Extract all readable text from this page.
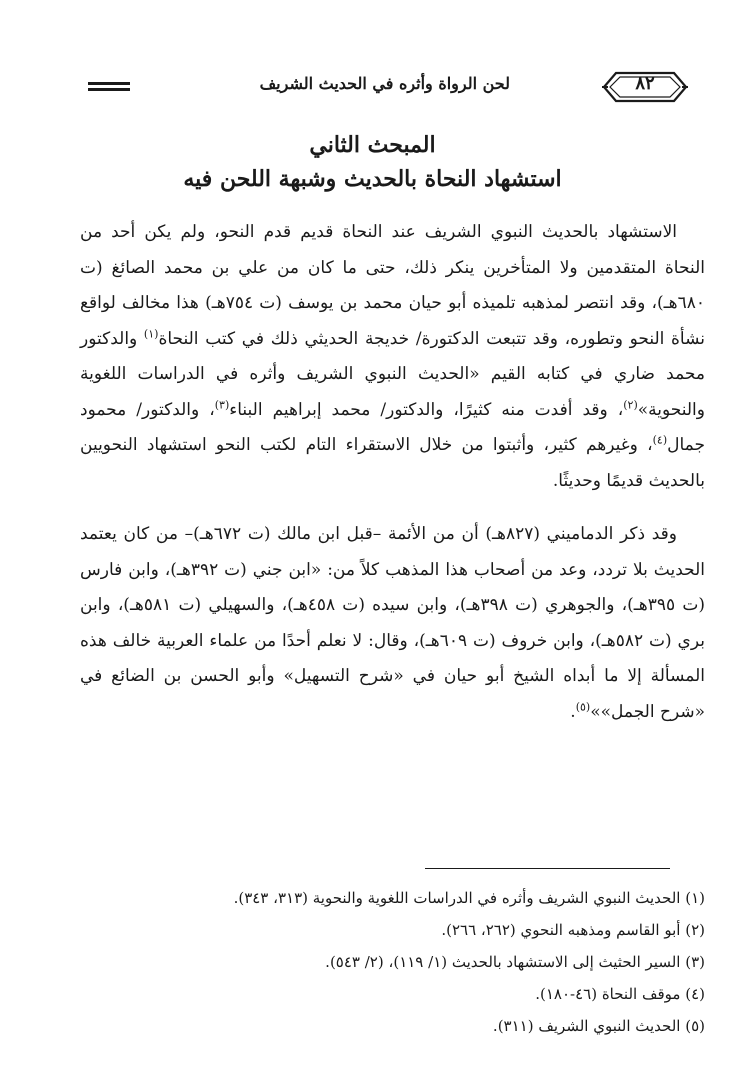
لحن الرواة وأثره في الحديث الشريف	٨٢
المبحث الثاني
استشهاد النحاة بالحديث وشبهة اللحن فيه

الاستشهاد بالحديث النبوي الشريف عند النحاة قديم قدم النحو، ولم يكن أحد من النحاة المتقدمين ولا المتأخرين ينكر ذلك، حتى ما كان من علي بن محمد الصائغ (ت ٦٨٠هـ)، وقد انتصر لمذهبه تلميذه أبو حيان محمد بن يوسف (ت ٧٥٤هـ) هذا مخالف لواقع نشأة النحو وتطوره، وقد تتبعت الدكتورة/ خديجة الحديثي ذلك في كتب النحاة$^{(١)}$ والدكتور محمد ضاري في كتابه القيم «الحديث النبوي الشريف وأثره في الدراسات اللغوية والنحوية»$^{(٢)}$، وقد أفدت منه كثيرًا، والدكتور/ محمد إبراهيم البناء$^{(٣)}$، والدكتور/ محمود جمال$^{(٤)}$، وغيرهم كثير، وأثبتوا من خلال الاستقراء التام لكتب النحو استشهاد النحويين بالحديث قديمًا وحديثًا.

وقد ذكر الدماميني (٨٢٧هـ) أن من الأئمة –قبل ابن مالك (ت ٦٧٢هـ)– من كان يعتمد الحديث بلا تردد، وعد من أصحاب هذا المذهب كلاً من: «ابن جني (ت ٣٩٢هـ)، وابن فارس (ت ٣٩٥هـ)، والجوهري (ت ٣٩٨هـ)، وابن سيده (ت ٤٥٨هـ)، والسهيلي (ت ٥٨١هـ)، وابن بري (ت ٥٨٢هـ)، وابن خروف (ت ٦٠٩هـ)، وقال: لا نعلم أحدًا من علماء العربية خالف هذه المسألة إلا ما أبداه الشيخ أبو حيان في «شرح التسهيل» وأبو الحسن بن الضائع في «شرح الجمل»»$^{(٥)}$.

(١) الحديث النبوي الشريف وأثره في الدراسات اللغوية والنحوية (٣١٣، ٣٤٣).
(٢) أبو القاسم ومذهبه النحوي (٢٦٢، ٢٦٦).
(٣) السير الحثيث إلى الاستشهاد بالحديث (١/ ١١٩)، (٢/ ٥٤٣).
(٤) موقف النحاة (٤٦-١٨٠).
(٥) الحديث النبوي الشريف (٣١١).
